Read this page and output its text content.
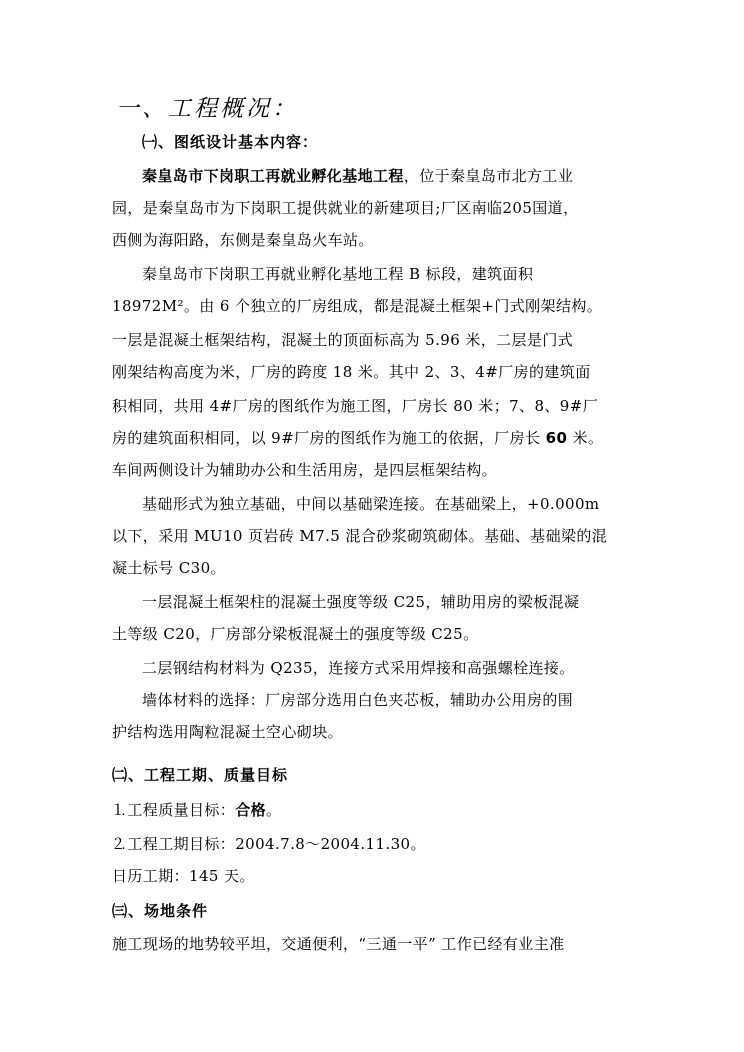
一、工程概况：
㈠、图纸设计基本内容：
秦皇岛市下岗职工再就业孵化基地工程，位于秦皇岛市北方工业
园，是秦皇岛市为下岗职工提供就业的新建项目;厂区南临205国道，
西侧为海阳路，东侧是秦皇岛火车站。
秦皇岛市下岗职工再就业孵化基地工程 B 标段，建筑面积
18972M²。由 6 个独立的厂房组成，都是混凝土框架+门式刚架结构。
一层是混凝土框架结构，混凝土的顶面标高为 5.96 米，二层是门式
刚架结构高度为米，厂房的跨度 18 米。其中 2、3、4#厂房的建筑面
积相同，共用 4#厂房的图纸作为施工图，厂房长 80 米；7、8、9#厂
房的建筑面积相同，以 9#厂房的图纸作为施工的依据，厂房长 60 米。
车间两侧设计为辅助办公和生活用房，是四层框架结构。
基础形式为独立基础，中间以基础梁连接。在基础梁上，+0.000m
以下，采用 MU10 页岩砖 M7.5 混合砂浆砌筑砌体。基础、基础梁的混
凝土标号 C30。
一层混凝土框架柱的混凝土强度等级 C25，辅助用房的梁板混凝
土等级 C20，厂房部分梁板混凝土的强度等级 C25。
二层钢结构材料为 Q235，连接方式采用焊接和高强螺栓连接。
墙体材料的选择：厂房部分选用白色夹芯板，辅助办公用房的围
护结构选用陶粒混凝土空心砌块。
㈡、工程工期、质量目标
⒈工程质量目标：合格。
⒉工程工期目标：2004.7.8～2004.11.30。
日历工期：145 天。
㈢、场地条件
施工现场的地势较平坦，交通便利，“三通一平” 工作已经有业主准
